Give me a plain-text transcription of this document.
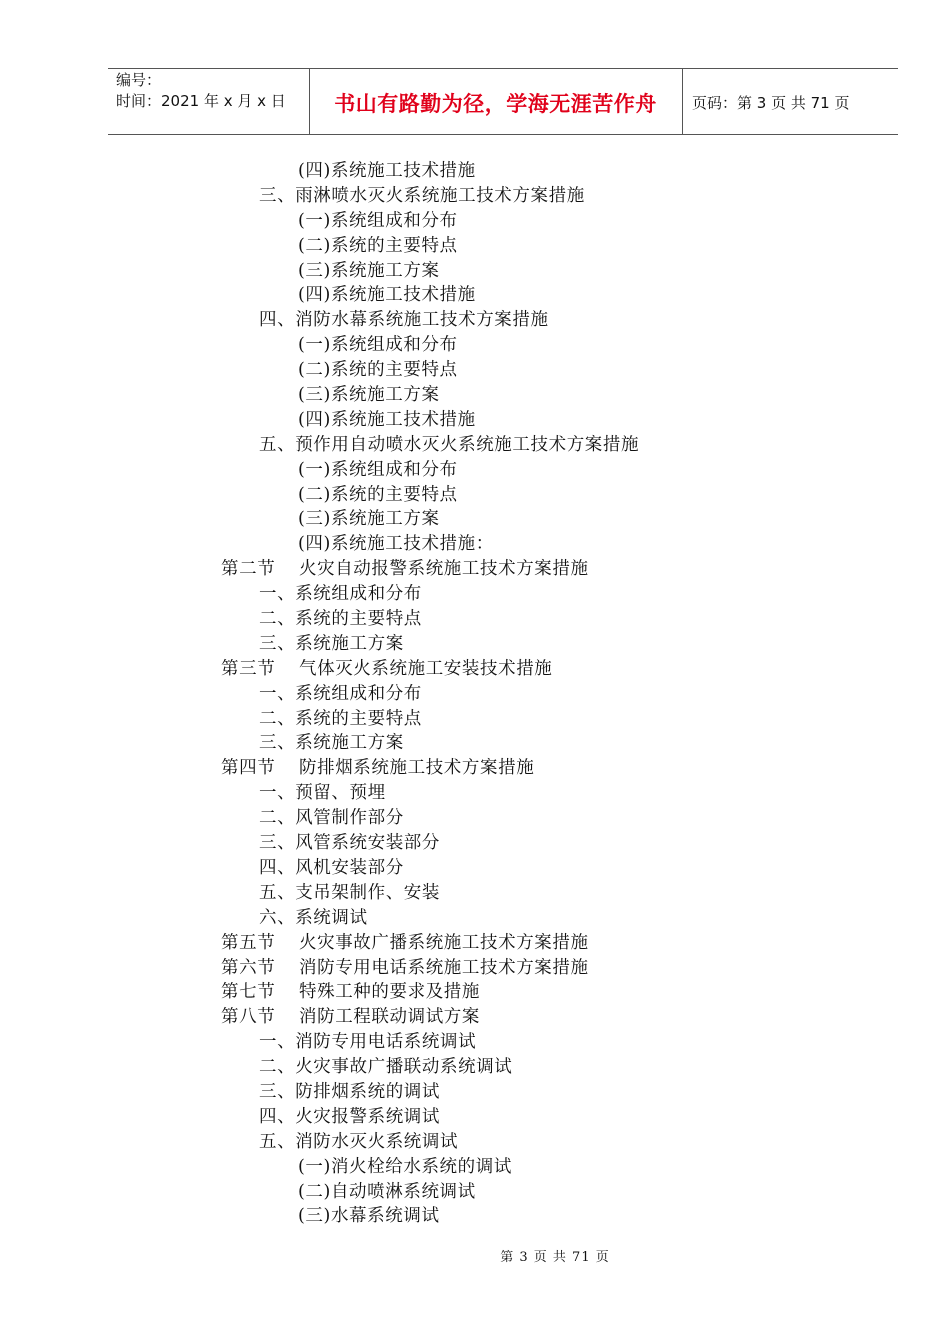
编号：
时间：2021 年 x 月 x 日	书山有路勤为径，学海无涯苦作舟	页码：第 3 页 共 71 页
(四)系统施工技术措施
三、雨淋喷水灭火系统施工技术方案措施
(一)系统组成和分布
(二)系统的主要特点
(三)系统施工方案
(四)系统施工技术措施
四、消防水幕系统施工技术方案措施
(一)系统组成和分布
(二)系统的主要特点
(三)系统施工方案
(四)系统施工技术措施
五、预作用自动喷水灭火系统施工技术方案措施
(一)系统组成和分布
(二)系统的主要特点
(三)系统施工方案
(四)系统施工技术措施：
第二节 火灾自动报警系统施工技术方案措施
一、系统组成和分布
二、系统的主要特点
三、系统施工方案
第三节 气体灭火系统施工安装技术措施
一、系统组成和分布
二、系统的主要特点
三、系统施工方案
第四节 防排烟系统施工技术方案措施
一、预留、预埋
二、风管制作部分
三、风管系统安装部分
四、风机安装部分
五、支吊架制作、安装
六、系统调试
第五节 火灾事故广播系统施工技术方案措施
第六节 消防专用电话系统施工技术方案措施
第七节 特殊工种的要求及措施
第八节 消防工程联动调试方案
一、消防专用电话系统调试
二、火灾事故广播联动系统调试
三、防排烟系统的调试
四、火灾报警系统调试
五、消防水灭火系统调试
(一)消火栓给水系统的调试
(二)自动喷淋系统调试
(三)水幕系统调试
第 3 页 共 71 页
